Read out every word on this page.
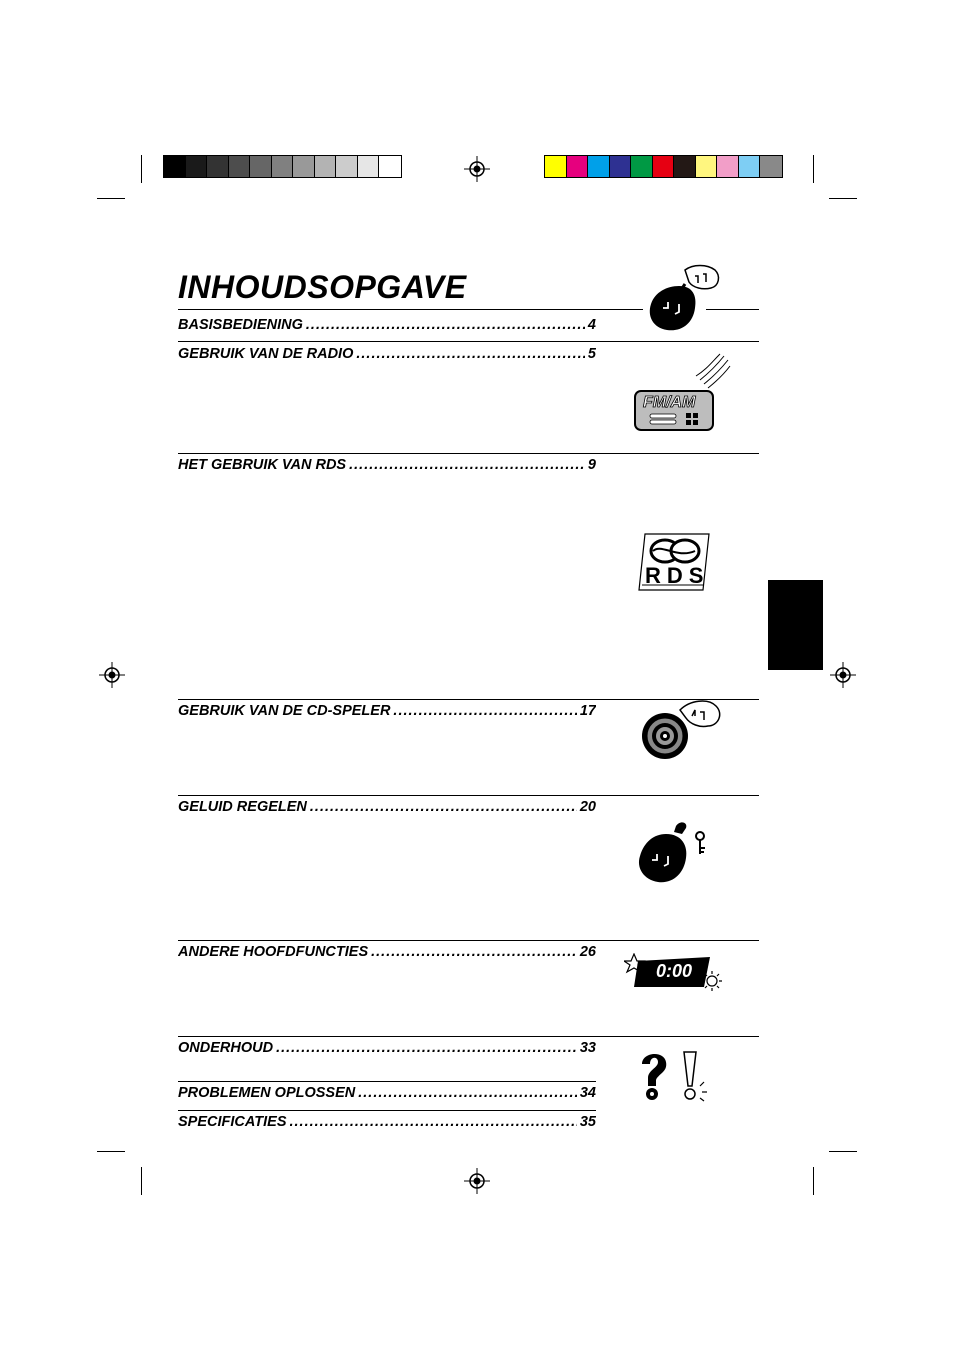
INHOUDSOPGAVE
BASISBEDIENING .....	4
GEBRUIK VAN DE RADIO .....	5
HET GEBRUIK VAN RDS .....	9
GEBRUIK VAN DE CD-SPELER .....	17
GELUID REGELEN .....	20
ANDERE HOOFDFUNCTIES .....	26
ONDERHOUD .....	33
PROBLEMEN OPLOSSEN .....	34
SPECIFICATIES .....	35
FM/AM
RDS
0:00
